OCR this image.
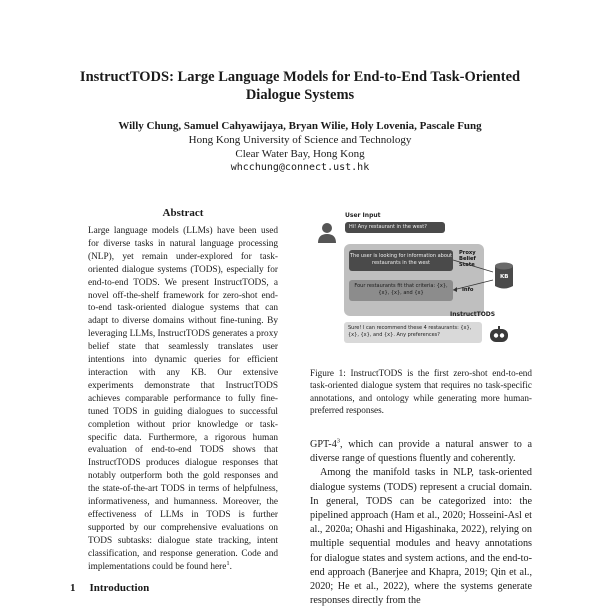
InstructTODS: Large Language Models for End-to-End Task-Oriented Dialogue Systems
Willy Chung, Samuel Cahyawijaya, Bryan Wilie, Holy Lovenia, Pascale Fung
Hong Kong University of Science and Technology
Clear Water Bay, Hong Kong
whcchung@connect.ust.hk
Abstract
Large language models (LLMs) have been used for diverse tasks in natural language processing (NLP), yet remain under-explored for task-oriented dialogue systems (TODS), especially for end-to-end TODS. We present InstructTODS, a novel off-the-shelf framework for zero-shot end-to-end task-oriented dialogue systems that can adapt to diverse domains without fine-tuning. By leveraging LLMs, InstructTODS generates a proxy belief state that seamlessly translates user intentions into dynamic queries for efficient interaction with any KB. Our extensive experiments demonstrate that InstructTODS achieves comparable performance to fully fine-tuned TODS in guiding dialogues to successful completion without prior knowledge or task-specific data. Furthermore, a rigorous human evaluation of end-to-end TODS shows that InstructTODS produces dialogue responses that notably outperform both the gold responses and the state-of-the-art TODS in terms of helpfulness, informativeness, and humanness. Moreover, the effectiveness of LLMs in TODS is further supported by our comprehensive evaluations on TODS subtasks: dialogue state tracking, intent classification, and response generation. Code and implementations could be found here$^1$.
1 Introduction
User Input
Hi! Any restaurant in the west?
The user is looking for information about restaurants in the west
Four restaurants fit that criteria: {x}, {x}, {x}, and {x}
Proxy Belief State
Info
KB
InstructTODS
Sure! I can recommend these 4 restaurants: {x}, {x}, {x}, and {x}. Any preferences?
Figure 1: InstructTODS is the first zero-shot end-to-end task-oriented dialogue system that requires no task-specific annotations, and ontology while generating more human-preferred responses.

GPT-$4^3$, which can provide a natural answer to a diverse range of questions fluently and coherently.

Among the manifold tasks in NLP, task-oriented dialogue systems (TODS) represent a crucial domain. In general, TODS can be categorized into: the pipelined approach (Ham et al., 2020; Hosseini-Asl et al., 2020a; Ohashi and Higashinaka, 2022), relying on multiple sequential modules and heavy annotations for dialogue states and system actions, and the end-to-end approach (Banerjee and Khapra, 2019; Qin et al., 2020; He et al., 2022), where the systems generate responses directly from the
